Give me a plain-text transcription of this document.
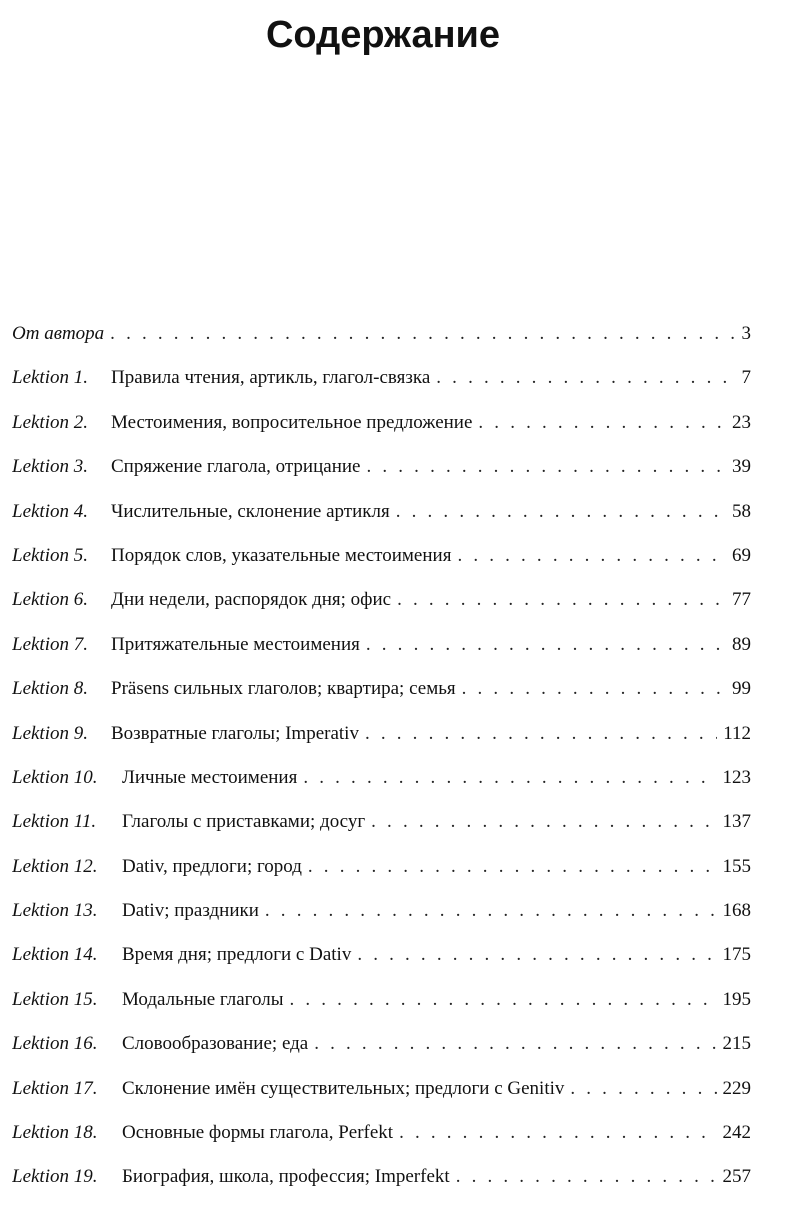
Содержание
От автора . . .	3
Lektion 1.	Правила чтения, артикль, глагол-связка . . .	7
Lektion 2.	Местоимения, вопросительное предложение . . .	23
Lektion 3.	Спряжение глагола, отрицание . . .	39
Lektion 4.	Числительные, склонение артикля . . .	58
Lektion 5.	Порядок слов, указательные местоимения . . .	69
Lektion 6.	Дни недели, распорядок дня; офис . . .	77
Lektion 7.	Притяжательные местоимения . . .	89
Lektion 8.	Präsens сильных глаголов; квартира; семья . . .	99
Lektion 9.	Возвратные глаголы; Imperativ . . .	112
Lektion 10.	Личные местоимения . . .	123
Lektion 11.	Глаголы с приставками; досуг . . .	137
Lektion 12.	Dativ, предлоги; город . . .	155
Lektion 13.	Dativ; праздники . . .	168
Lektion 14.	Время дня; предлоги с Dativ . . .	175
Lektion 15.	Модальные глаголы . . .	195
Lektion 16.	Словообразование; еда . . .	215
Lektion 17.	Склонение имён существительных; предлоги с Genitiv . . .	229
Lektion 18.	Основные формы глагола, Perfekt . . .	242
Lektion 19.	Биография, школа, профессия; Imperfekt . . .	257
